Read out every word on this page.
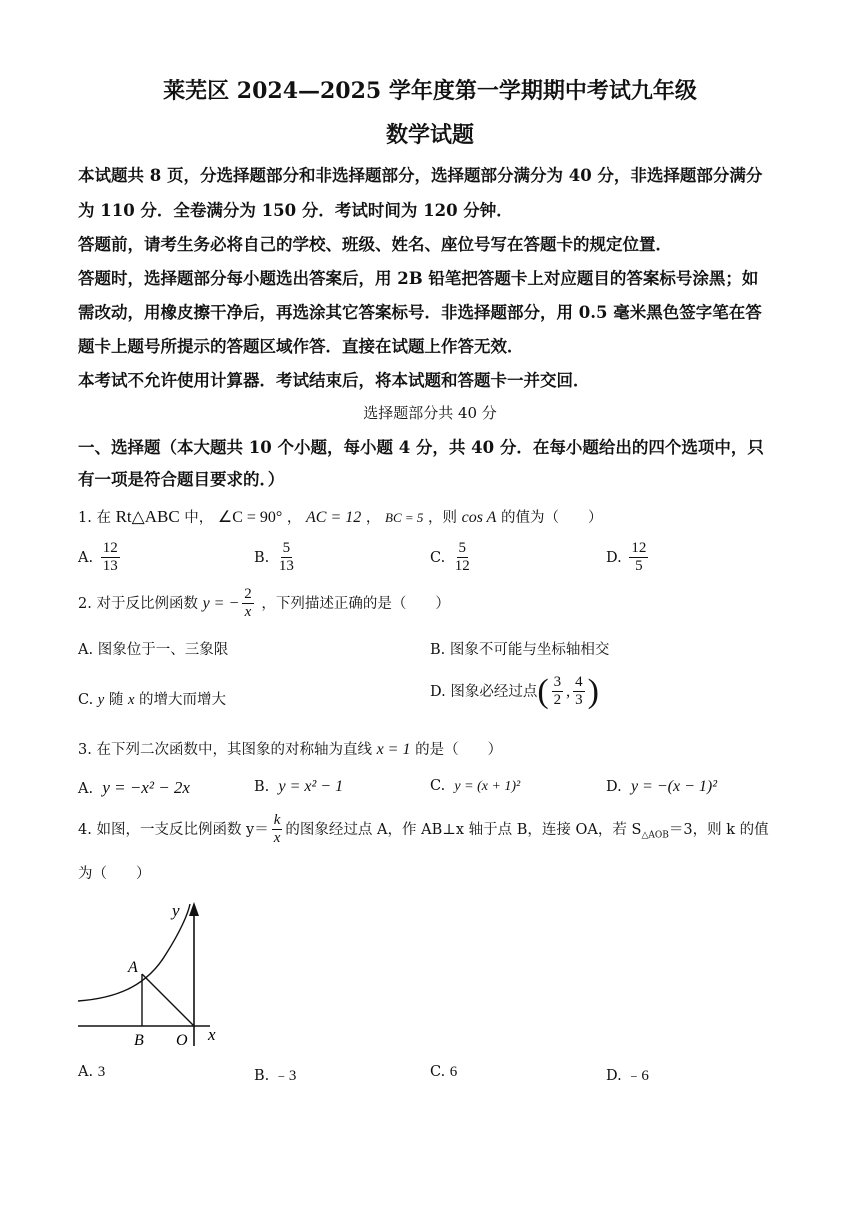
莱芜区 2024—2025 学年度第一学期期中考试九年级
数学试题
本试题共 8 页，分选择题部分和非选择题部分，选择题部分满分为 40 分，非选择题部分满分
为 110 分．全卷满分为 150 分．考试时间为 120 分钟．
答题前，请考生务必将自己的学校、班级、姓名、座位号写在答题卡的规定位置．
答题时，选择题部分每小题选出答案后，用 2B 铅笔把答题卡上对应题目的答案标号涂黑；如
需改动，用橡皮擦干净后，再选涂其它答案标号．非选择题部分，用 0.5 毫米黑色签字笔在答
题卡上题号所提示的答题区域作答．直接在试题上作答无效．
本考试不允许使用计算器．考试结束后，将本试题和答题卡一并交回．
选择题部分共 40 分
一、选择题（本大题共 10 个小题，每小题 4 分，共 40 分．在每小题给出的四个选项中，只
有一项是符合题目要求的．）
1. 在 Rt△ABC 中， ∠C = 90° ， AC = 12 ， BC = 5 ，则 cos A 的值为（　　）
A. $\frac{12}{13}$	B. $\frac{5}{13}$	C. $\frac{5}{12}$	D. $\frac{12}{5}$
2. 对于反比例函数 y = − $\frac{2}{x}$ ，下列描述正确的是（　　）
A. 图象位于一、三象限	B. 图象不可能与坐标轴相交
C. y 随 x 的增大而增大
D. 图象必经过点( $\frac{3}{2}$ , $\frac{4}{3}$ )
3. 在下列二次函数中，其图象的对称轴为直线 x = 1 的是（　　）
A. y = −x² − 2x	B. y = x² − 1	C. y = (x + 1)²	D. y = −(x − 1)²
4. 如图，一支反比例函数 $y= \frac{k}{x}$ 的图象经过点 A，作 AB⊥x 轴于点 B，连接 OA，若 $S_{\triangle AOB}=3$，则 k 的值
为（　　）
y
x
A
B O
A. 3	B. ﹣3	C. 6	D. ﹣6
